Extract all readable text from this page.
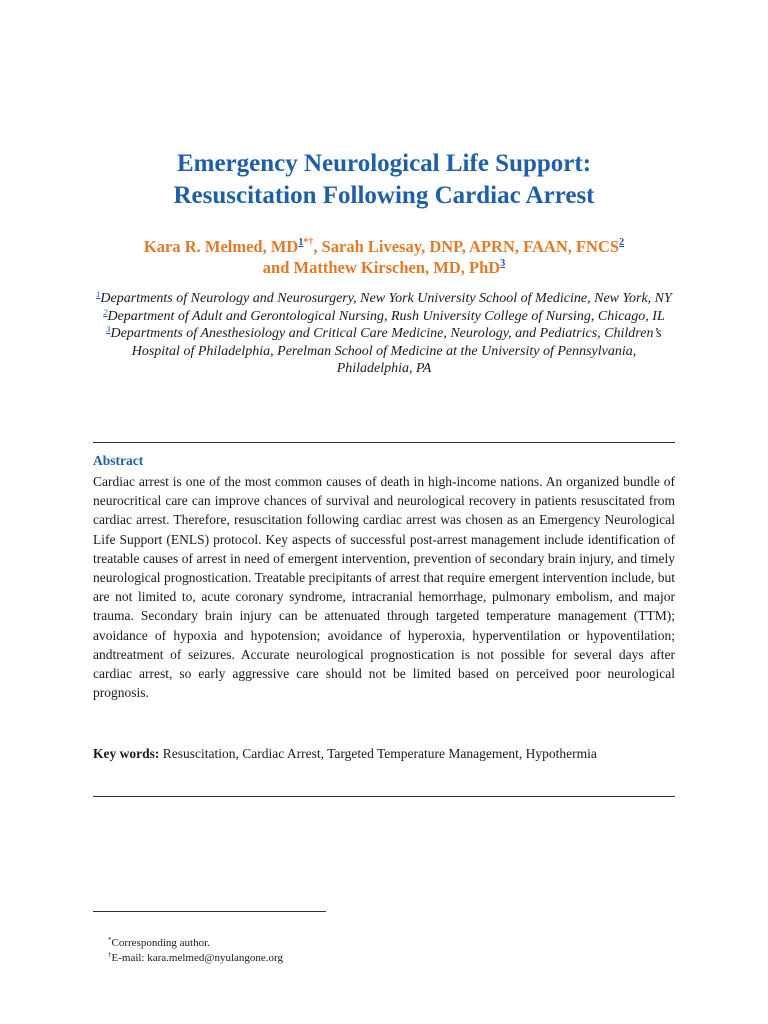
Emergency Neurological Life Support:
Resuscitation Following Cardiac Arrest
Kara R. Melmed, MD$^{1*\dagger}$, Sarah Livesay, DNP, APRN, FAAN, FNCS$^2$
and Matthew Kirschen, MD, PhD$^3$
$^1$Departments of Neurology and Neurosurgery, New York University School of Medicine, New York, NY
$^2$Department of Adult and Gerontological Nursing, Rush University College of Nursing, Chicago, IL
$^3$Departments of Anesthesiology and Critical Care Medicine, Neurology, and Pediatrics, Children’s Hospital of Philadelphia, Perelman School of Medicine at the University of Pennsylvania, Philadelphia, PA
Abstract
Cardiac arrest is one of the most common causes of death in high-income nations. An organized bundle of neurocritical care can improve chances of survival and neurological recovery in patients resuscitated from cardiac arrest. Therefore, resuscitation following cardiac arrest was chosen as an Emergency Neurological Life Support (ENLS) protocol. Key aspects of successful post-arrest management include identification of treatable causes of arrest in need of emergent intervention, prevention of secondary brain injury, and timely neurological prognostication. Treatable precipitants of arrest that require emergent intervention include, but are not limited to, acute coronary syndrome, intracranial hemorrhage, pulmonary embolism, and major trauma. Secondary brain injury can be attenuated through targeted temperature management (TTM); avoidance of hypoxia and hypotension; avoidance of hyperoxia, hyperventilation or hypoventilation; andtreatment of seizures. Accurate neurological prognostication is not possible for several days after cardiac arrest, so early aggressive care should not be limited based on perceived poor neurological prognosis.
Key words: Resuscitation, Cardiac Arrest, Targeted Temperature Management, Hypothermia
*Corresponding author.
†E-mail: kara.melmed@nyulangone.org
